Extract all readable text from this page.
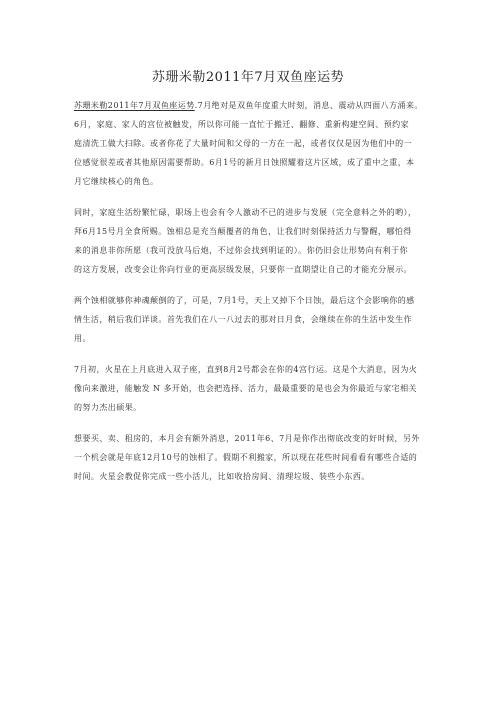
苏珊米勒2011年7月双鱼座运势

苏珊米勒2011年7月双鱼座运势.7月绝对是双鱼年度重大时刻，消息、震动从四面八方涌来。
6月，家庭、家人的宫位被触发，所以你可能一直忙于搬迁、翻修、重新构建空间、预约家
庭清洗工做大扫除。或者你花了大量时间和父母的一方在一起，或者仅仅是因为他们中的一
位感觉很差或者其他原因需要帮助。6月1号的新月日蚀照耀着这片区域，成了重中之重，本
月它继续核心的角色。

同时，家庭生活纷繁忙碌，职场上也会有令人激动不已的进步与发展（完全意料之外的哟），
拜6月15号月全食所赐。蚀相总是充当颠覆者的角色，让我们时刻保持活力与警醒，哪怕得
来的消息非你所愿（我可没放马后炮，不过你会找到明证的）。你仍旧会让形势向有利于你
的这方发展，改变会让你向行业的更高层级发展，只要你一直期望让自己的才能充分展示。

两个蚀相就够你神魂颠倒的了，可是，7月1号，天上又掉下个日蚀，最后这个会影响你的感
情生活，稍后我们详谈。首先我们在八一八过去的那对日月食，会继续在你的生活中发生作
用。

7月初，火星在上月底进入双子座，直到8月2号都会在你的4宫行运。这是个大消息，因为火
像向来激进，能触发 N 多开始，也会把选择、活力，最最重要的是也会为你最近与家宅相关
的努力杰出硕果。

想要买、卖、租房的，本月会有额外消息，2011年6、7月是你作出彻底改变的好时候，另外
一个机会就是年底12月10号的蚀相了。假期不利搬家，所以现在花些时间看看有哪些合适的
时间。火星会教促你完成一些小活儿，比如收拾房间、清理垃圾、装些小东西。
